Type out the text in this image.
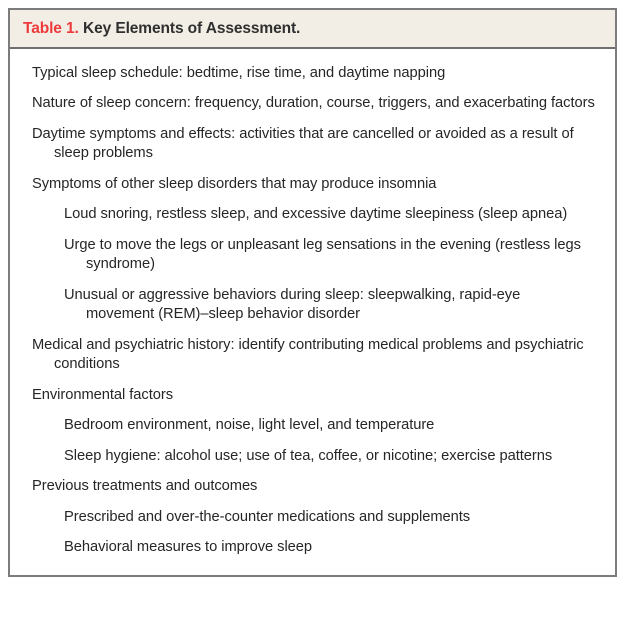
Table 1. Key Elements of Assessment.
Typical sleep schedule: bedtime, rise time, and daytime napping
Nature of sleep concern: frequency, duration, course, triggers, and exacerbating factors
Daytime symptoms and effects: activities that are cancelled or avoided as a result of sleep problems
Symptoms of other sleep disorders that may produce insomnia
Loud snoring, restless sleep, and excessive daytime sleepiness (sleep apnea)
Urge to move the legs or unpleasant leg sensations in the evening (restless legs syndrome)
Unusual or aggressive behaviors during sleep: sleepwalking, rapid-eye movement (REM)–sleep behavior disorder
Medical and psychiatric history: identify contributing medical problems and psychiatric conditions
Environmental factors
Bedroom environment, noise, light level, and temperature
Sleep hygiene: alcohol use; use of tea, coffee, or nicotine; exercise patterns
Previous treatments and outcomes
Prescribed and over-the-counter medications and supplements
Behavioral measures to improve sleep
